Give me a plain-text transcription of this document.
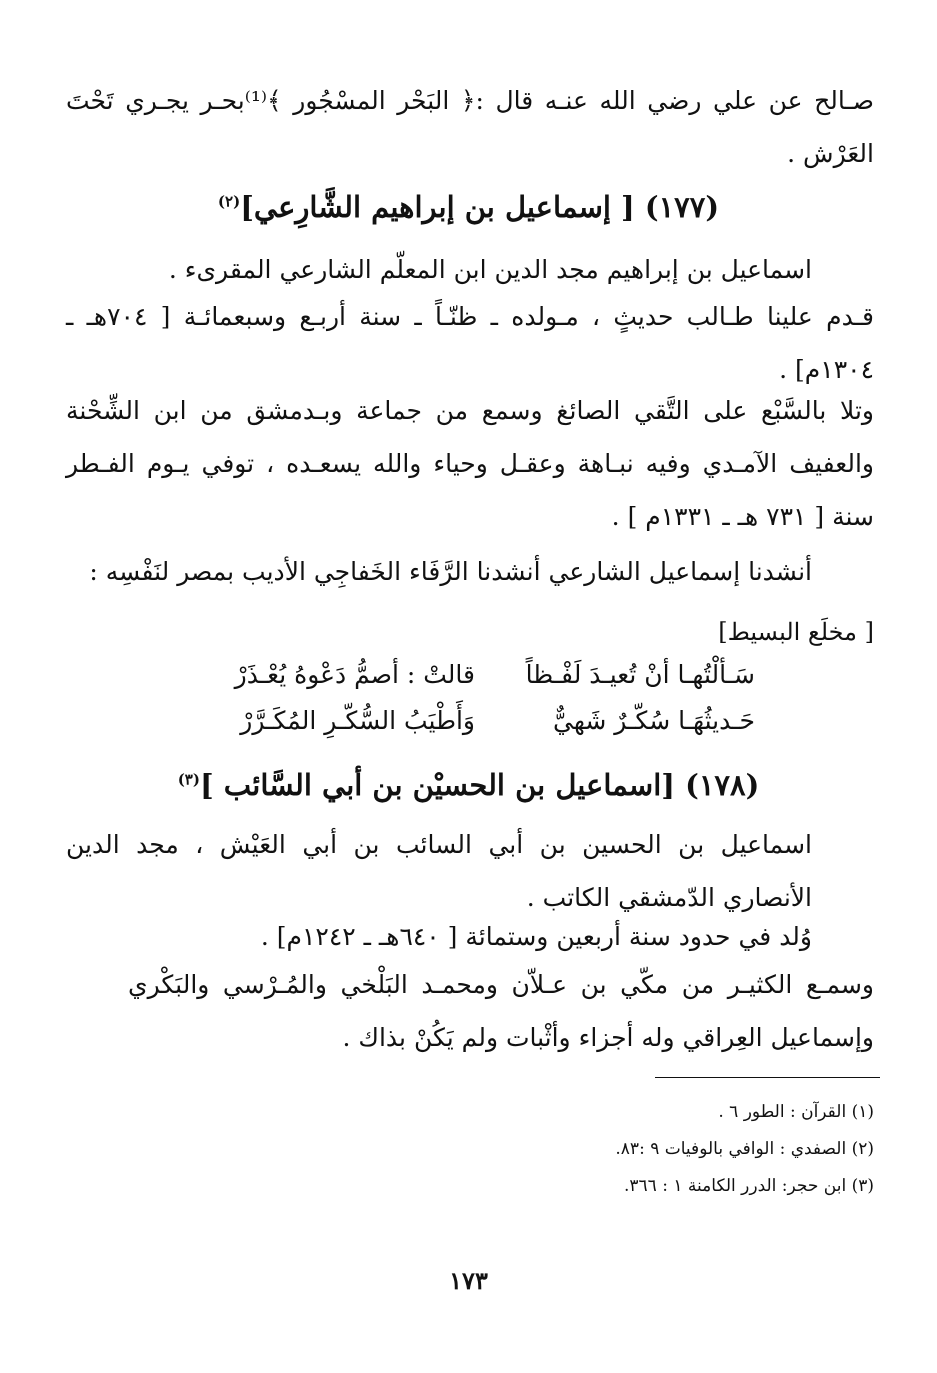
صـالح عن علي رضي الله عنـه قال :﴿ البَحْر المسْجُور ﴾⁽¹⁾بحـر يجـري تَحْتَ العَرْش .
(١٧٧) [ إسماعيل بن إبراهيم الشَّارِعي]$^{(٢)}$
اسماعيل بن إبراهيم مجد الدين ابن المعلّم الشارعي المقرىء .
قـدم علينا طـالب حديثٍ ، مـولده ـ ظنّـاً ـ سنة أربـع وسبعمائـة [ ٧٠٤هـ ـ ١٣٠٤م] .
وتلا بالسَّبْع على التَّقي الصائغ وسمع من جماعة وبـدمشق من ابن الشِّحْنة والعفيف الآمـدي وفيه نبـاهة وعقـل وحياء والله يسعـده ، توفي يـوم الفـطر سنة [ ٧٣١ هـ ـ ١٣٣١م ] .
أنشدنا إسماعيل الشارعي أنشدنا الرَّفَاء الخَفاجِي الأديب بمصر لنَفْسِه :
[ مخلَع البسيط]
سَـألْتُهـا أنْ تُعيـدَ لَفْـظاً
قالتْ : أصمُّ دَعْوهُ يُعْـذَرْ
حَـديثُهَـا سُكّـرٌ شَهيٌّ
وَأَطْيَبُ السُّكّـرِ المُكَـرَّرْ
(١٧٨) [اسماعيل بن الحسيْن بن أبي السَّائب ]$^{(٣)}$
اسماعيل بن الحسين بن أبي السائب بن أبي العَيْش ، مجد الدين الأنصاري الدّمشقي الكاتب .
وُلد في حدود سنة أربعين وستمائة [ ٦٤٠هـ ـ ١٢٤٢م] .
وسمـع الكثيـر من مكّي بن عـلاّن ومحمـد البَلْخي والمُـرْسي والبَكْري وإسماعيل العِراقي وله أجزاء وأثْبات ولم يَكُنْ بذاك .
(١) القرآن : الطور ٦ .
(٢) الصفدي : الوافي بالوفيات ٩ :٨٣.
(٣) ابن حجر: الدرر الكامنة ١ : ٣٦٦.
١٧٣
